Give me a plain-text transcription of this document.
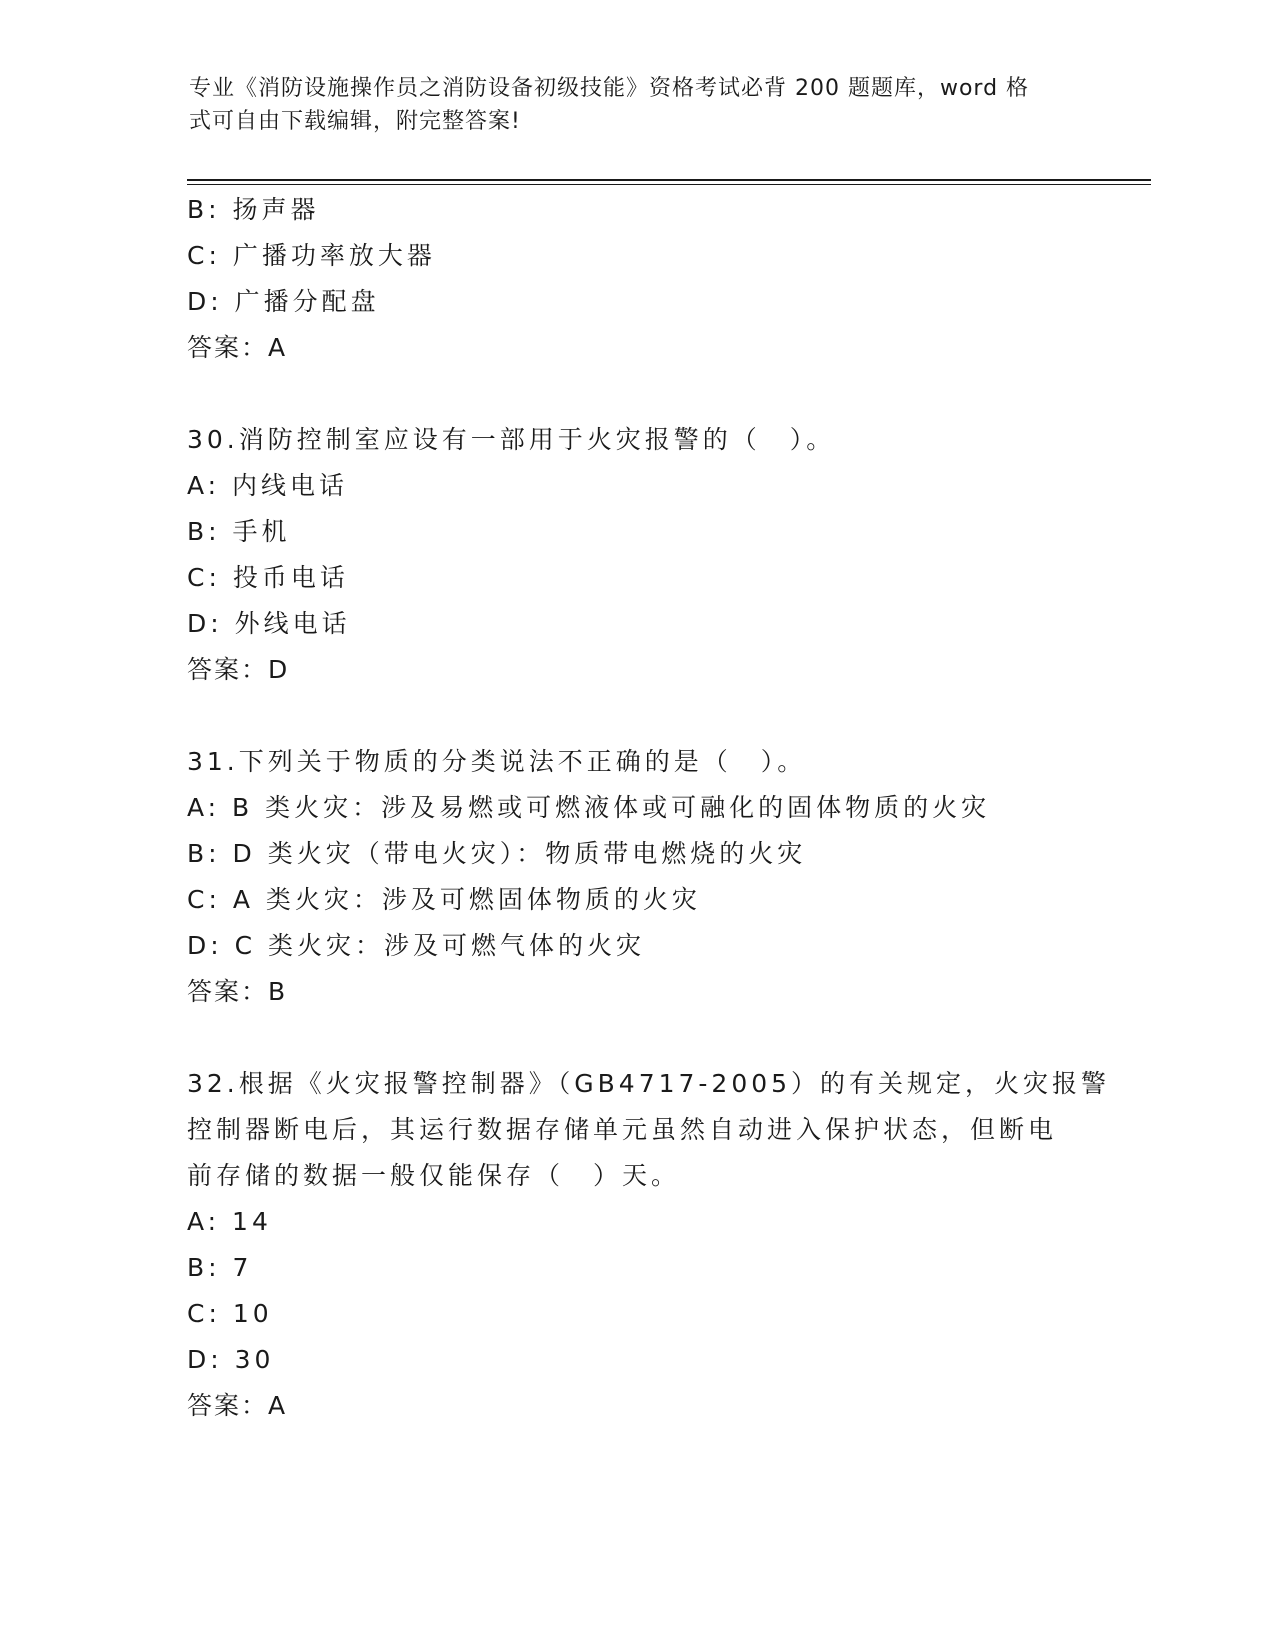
专业《消防设施操作员之消防设备初级技能》资格考试必背 200 题题库，word 格
式可自由下载编辑，附完整答案!
B: 扬声器
C: 广播功率放大器
D: 广播分配盘
答案：A
30.消防控制室应设有一部用于火灾报警的（　）。
A: 内线电话
B: 手机
C: 投币电话
D: 外线电话
答案：D
31.下列关于物质的分类说法不正确的是（　）。
A: B 类火灾：涉及易燃或可燃液体或可融化的固体物质的火灾
B: D 类火灾（带电火灾）：物质带电燃烧的火灾
C: A 类火灾：涉及可燃固体物质的火灾
D: C 类火灾：涉及可燃气体的火灾
答案：B
32.根据《火灾报警控制器》（GB4717-2005）的有关规定，火灾报警
控制器断电后，其运行数据存储单元虽然自动进入保护状态，但断电
前存储的数据一般仅能保存（　）天。
A: 14
B: 7
C: 10
D: 30
答案：A
